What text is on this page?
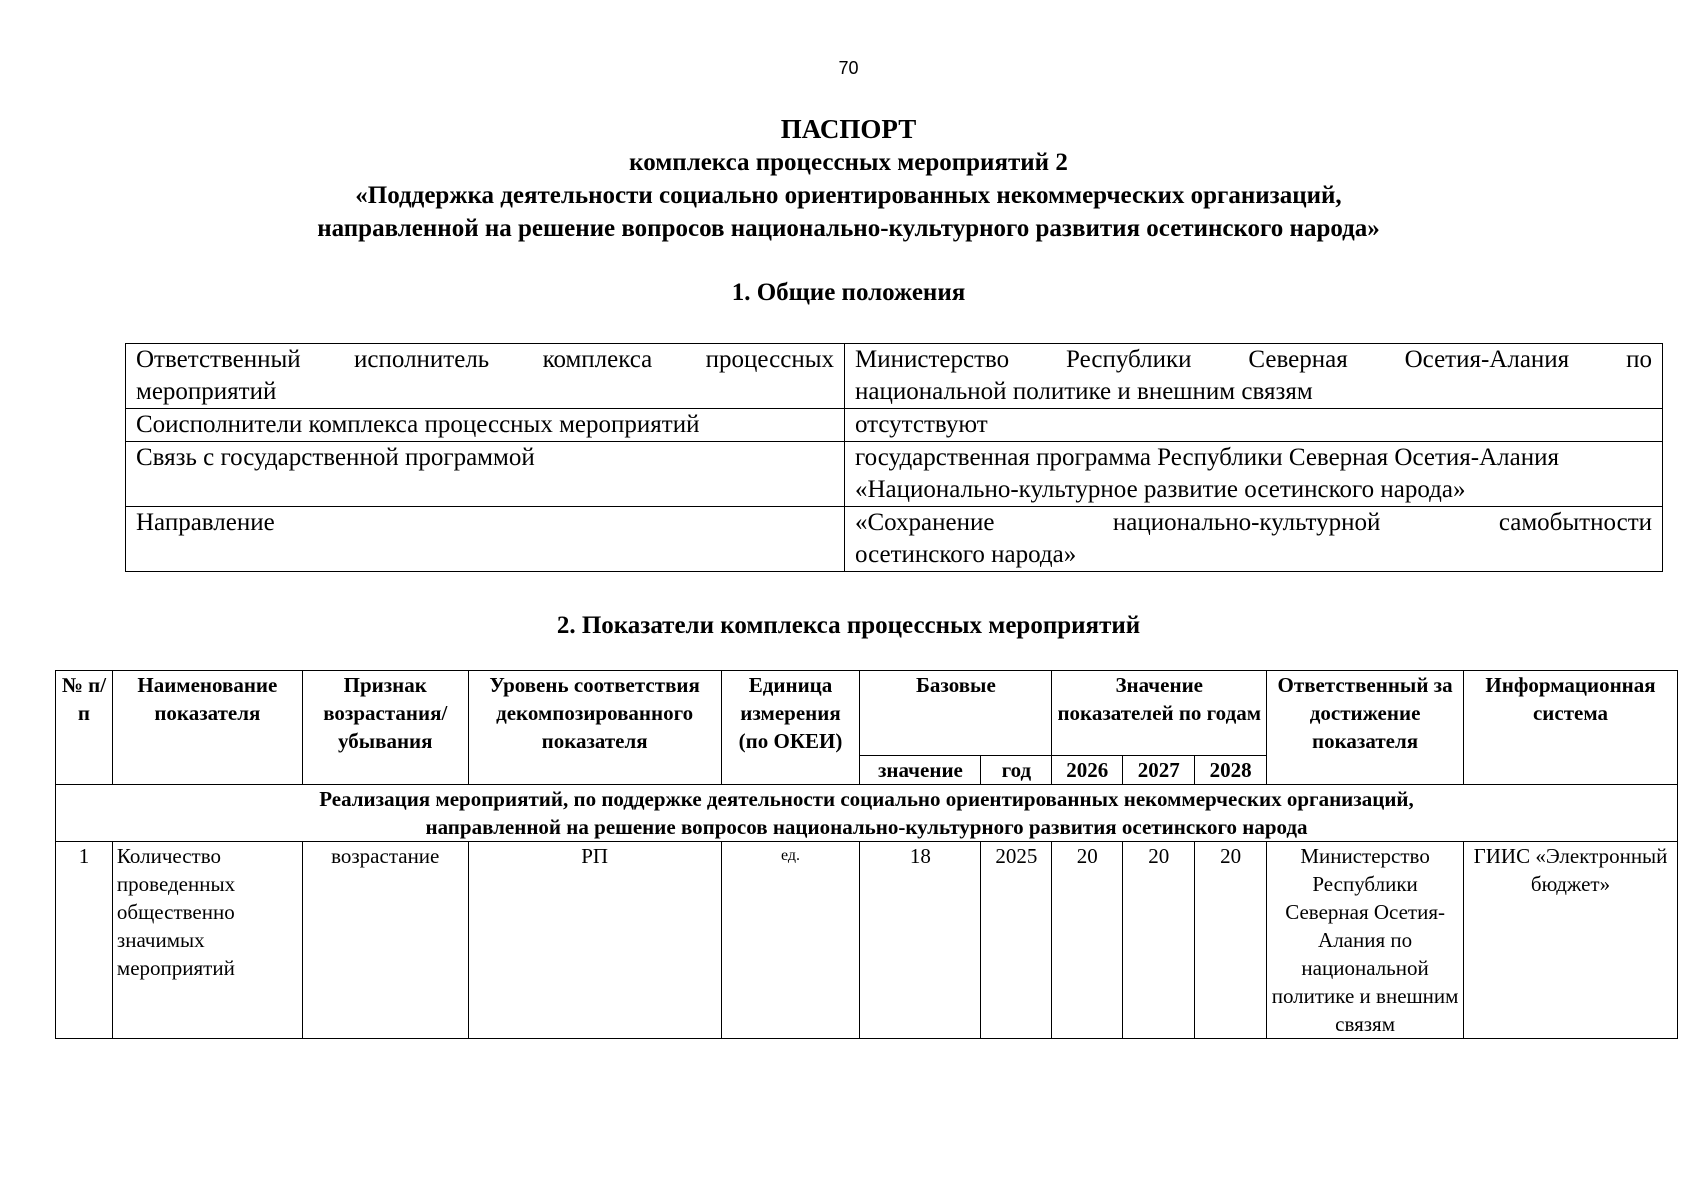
70
ПАСПОРТ
комплекса процессных мероприятий 2
«Поддержка деятельности социально ориентированных некоммерческих организаций,
направленной на решение вопросов национально-культурного развития осетинского народа»
1. Общие положения
Ответственный исполнитель комплекса процессных
мероприятий	Министерство Республики Северная Осетия-Алания по
национальной политике и внешним связям
Соисполнители комплекса процессных мероприятий	отсутствуют
Связь с государственной программой	государственная программа Республики Северная Осетия-Алания
«Национально-культурное развитие осетинского народа»
Направление	«Сохранение национально-культурной самобытности
осетинского народа»
2. Показатели комплекса процессных мероприятий
№ п/п	Наименование показателя	Признак возрастания/ убывания	Уровень соответствия декомпозированного показателя	Единица измерения (по ОКЕИ)	Базовые		Значение показателей по годам			Ответственный за достижение показателя	Информационная система
					значение	год	2026	2027	2028		

Реализация мероприятий, по поддержке деятельности социально ориентированных некоммерческих организаций,
направленной на решение вопросов национально-культурного развития осетинского народа											

1	Количество проведенных общественно значимых мероприятий	возрастание	РП	ед.	18	2025	20	20	20	Министерство Республики Северная Осетия-Алания по национальной политике и внешним связям	ГИИС «Электронный бюджет»
